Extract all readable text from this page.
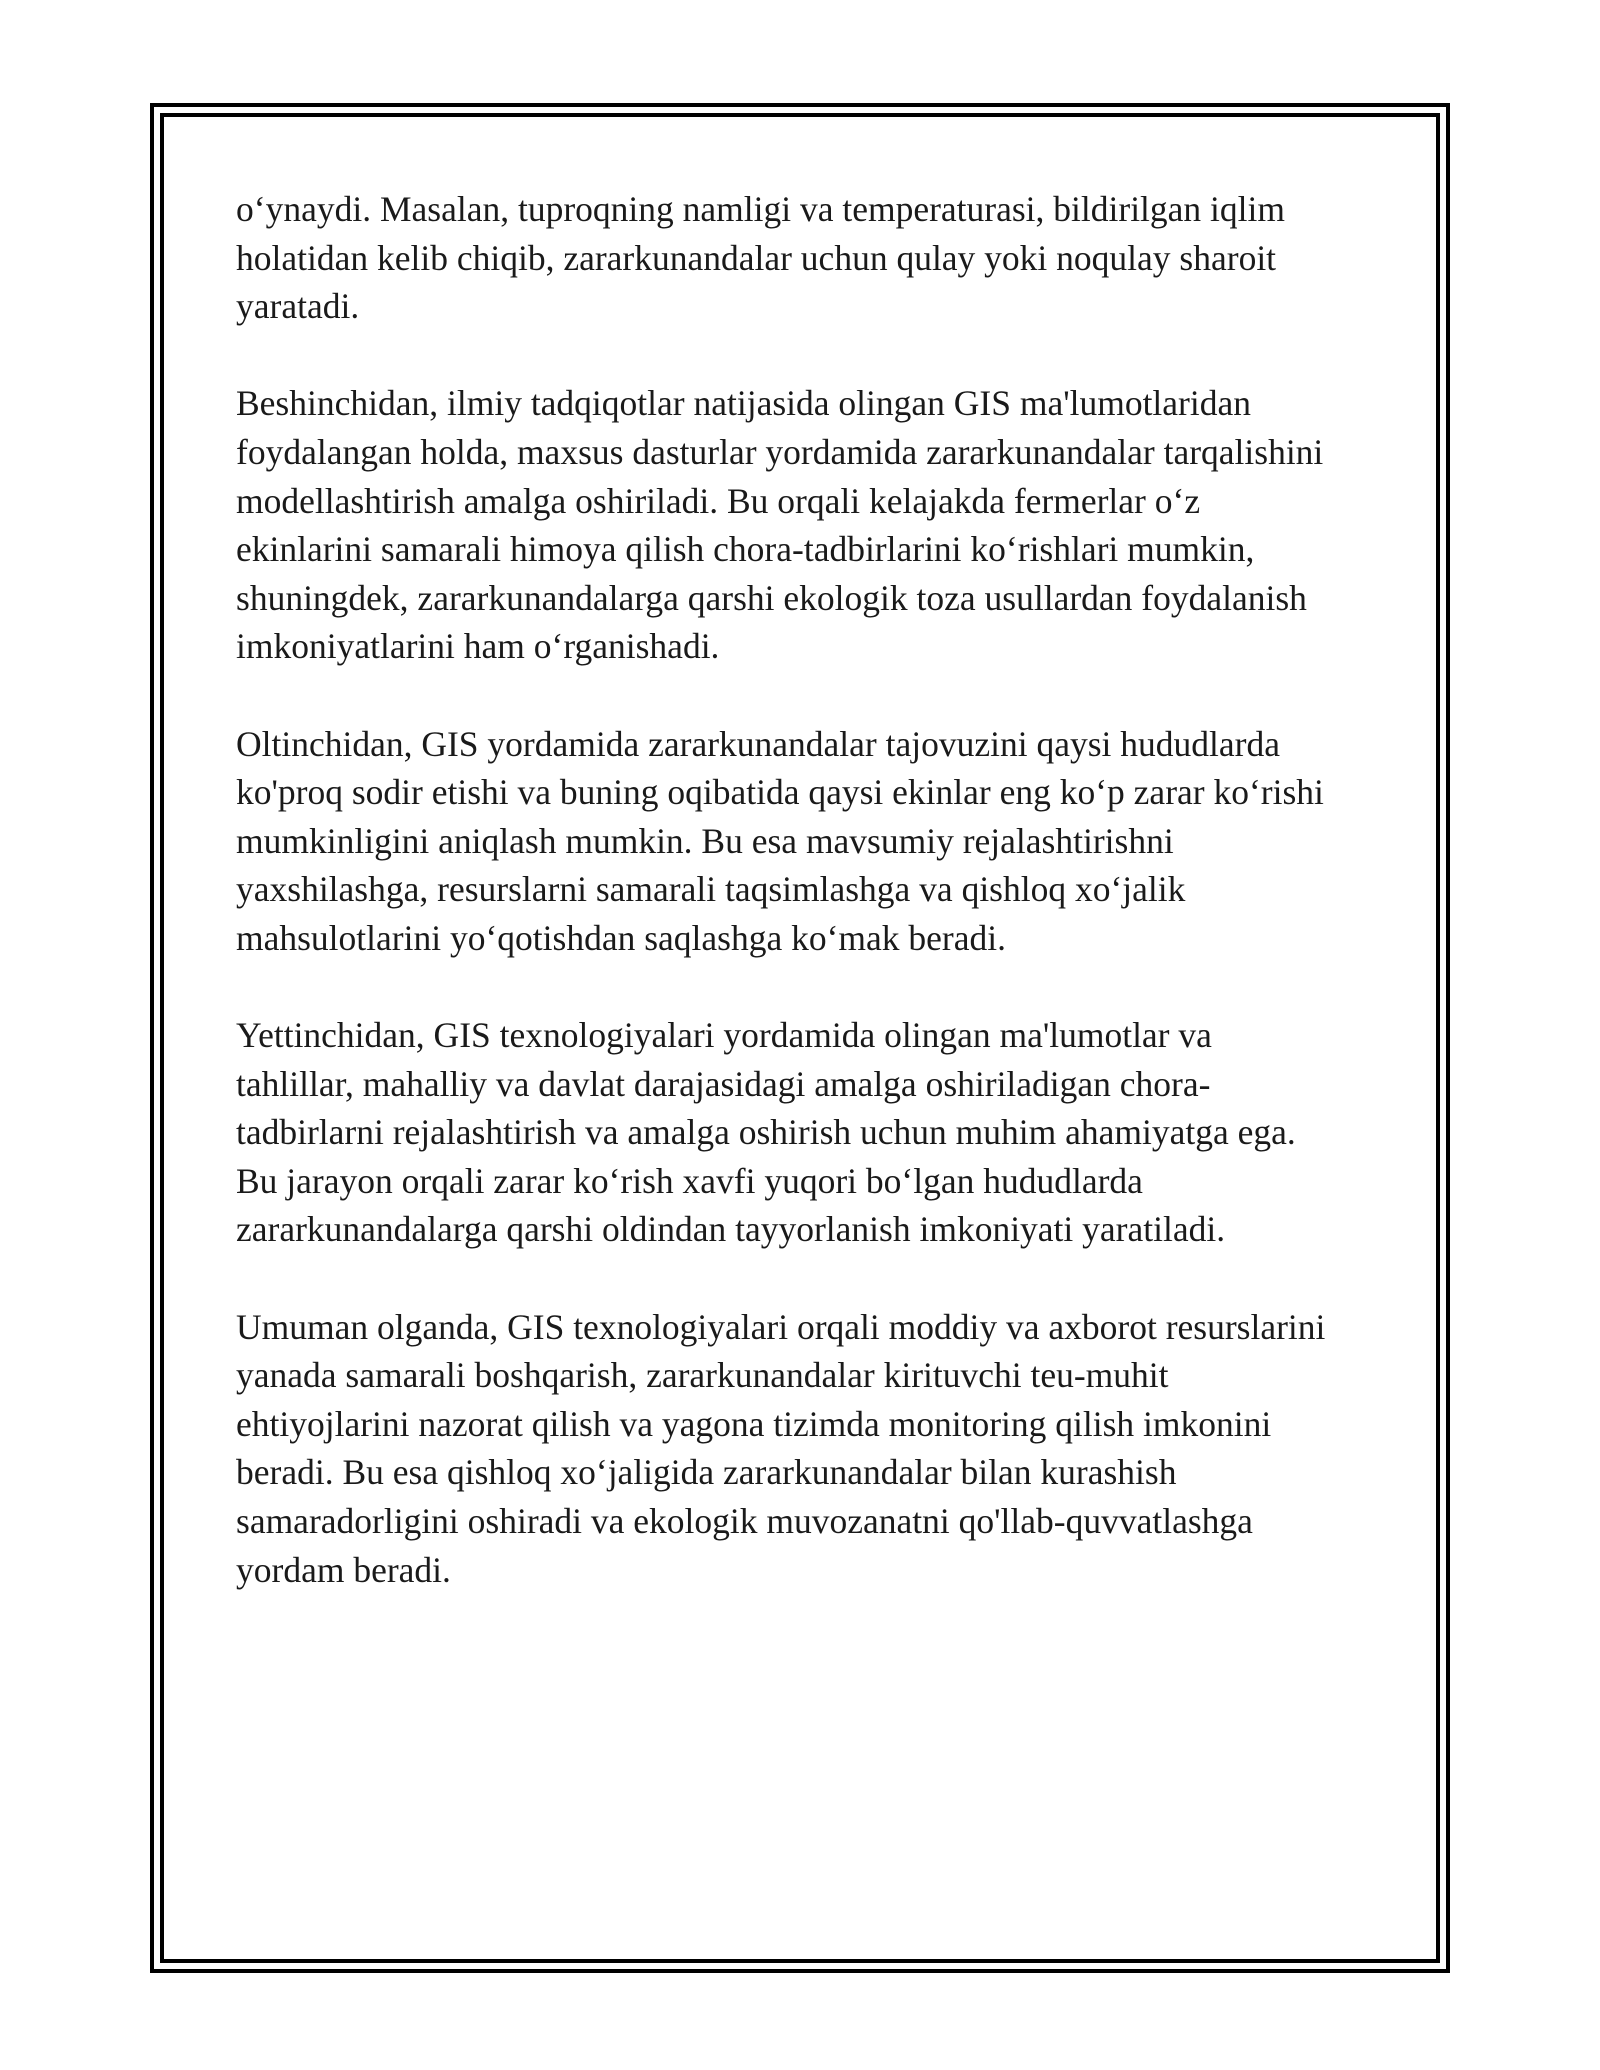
o‘ynaydi. Masalan, tuproqning namligi va temperaturasi, bildirilgan iqlim
holatidan kelib chiqib, zararkunandalar uchun qulay yoki noqulay sharoit
yaratadi.

Beshinchidan, ilmiy tadqiqotlar natijasida olingan GIS ma'lumotlaridan
foydalangan holda, maxsus dasturlar yordamida zararkunandalar tarqalishini
modellashtirish amalga oshiriladi. Bu orqali kelajakda fermerlar o‘z
ekinlarini samarali himoya qilish chora-tadbirlarini ko‘rishlari mumkin,
shuningdek, zararkunandalarga qarshi ekologik toza usullardan foydalanish
imkoniyatlarini ham o‘rganishadi.

Oltinchidan, GIS yordamida zararkunandalar tajovuzini qaysi hududlarda
ko'proq sodir etishi va buning oqibatida qaysi ekinlar eng ko‘p zarar ko‘rishi
mumkinligini aniqlash mumkin. Bu esa mavsumiy rejalashtirishni
yaxshilashga, resurslarni samarali taqsimlashga va qishloq xo‘jalik
mahsulotlarini yo‘qotishdan saqlashga ko‘mak beradi.

Yettinchidan, GIS texnologiyalari yordamida olingan ma'lumotlar va
tahlillar, mahalliy va davlat darajasidagi amalga oshiriladigan chora-
tadbirlarni rejalashtirish va amalga oshirish uchun muhim ahamiyatga ega.
Bu jarayon orqali zarar ko‘rish xavfi yuqori bo‘lgan hududlarda
zararkunandalarga qarshi oldindan tayyorlanish imkoniyati yaratiladi.

Umuman olganda, GIS texnologiyalari orqali moddiy va axborot resurslarini
yanada samarali boshqarish, zararkunandalar kirituvchi teu-muhit
ehtiyojlarini nazorat qilish va yagona tizimda monitoring qilish imkonini
beradi. Bu esa qishloq xo‘jaligida zararkunandalar bilan kurashish
samaradorligini oshiradi va ekologik muvozanatni qo'llab-quvvatlashga
yordam beradi.
